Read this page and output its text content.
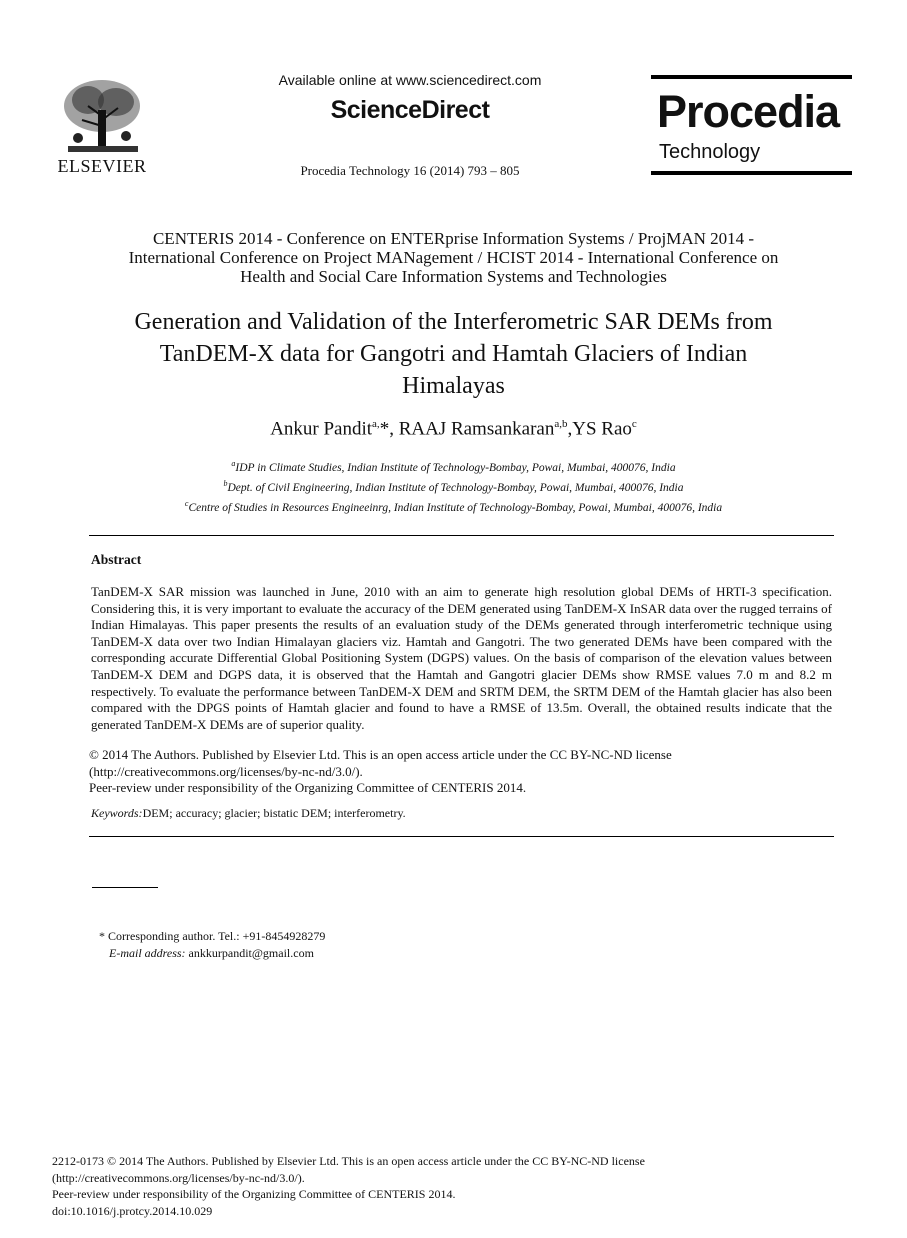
ELSEVIER
Available online at www.sciencedirect.com
ScienceDirect
Procedia Technology 16 (2014) 793 – 805
Procedia
Technology
CENTERIS 2014 - Conference on ENTERprise Information Systems / ProjMAN 2014 -
International Conference on Project MANagement / HCIST 2014 - International Conference on
Health and Social Care Information Systems and Technologies
Generation and Validation of the Interferometric SAR DEMs from
TanDEM-X data for Gangotri and Hamtah Glaciers of Indian
Himalayas
Ankur Pandit$^{a,}$*, RAAJ Ramsankaran$^{a,b}$,YS Rao$^c$
$^a$IDP in Climate Studies, Indian Institute of Technology-Bombay, Powai, Mumbai, 400076, India
$^b$Dept. of Civil Engineering, Indian Institute of Technology-Bombay, Powai, Mumbai, 400076, India
$^c$Centre of Studies in Resources Engineeinrg, Indian Institute of Technology-Bombay, Powai, Mumbai, 400076, India
Abstract
TanDEM-X SAR mission was launched in June, 2010 with an aim to generate high resolution global DEMs of HRTI-3 specification. Considering this, it is very important to evaluate the accuracy of the DEM generated using TanDEM-X InSAR data over the rugged terrains of Indian Himalayas. This paper presents the results of an evaluation study of the DEMs generated through interferometric technique using TanDEM-X data over two Indian Himalayan glaciers viz. Hamtah and Gangotri. The two generated DEMs have been compared with the corresponding accurate Differential Global Positioning System (DGPS) values. On the basis of comparison of the elevation values between TanDEM-X DEM and DGPS data, it is observed that the Hamtah and Gangotri glacier DEMs show RMSE values 7.0 m and 8.2 m respectively. To evaluate the performance between TanDEM-X DEM and SRTM DEM, the SRTM DEM of the Hamtah glacier has also been compared with the DPGS points of Hamtah glacier and found to have a RMSE of 13.5m. Overall, the obtained results indicate that the generated TanDEM-X DEMs are of superior quality.
© 2014 The Authors. Published by Elsevier Ltd. This is an open access article under the CC BY-NC-ND license
(http://creativecommons.org/licenses/by-nc-nd/3.0/).
Peer-review under responsibility of the Organizing Committee of CENTERIS 2014.
Keywords:DEM; accuracy; glacier; bistatic DEM; interferometry.
* Corresponding author. Tel.: +91-8454928279
E-mail address: ankkurpandit@gmail.com
2212-0173 © 2014 The Authors. Published by Elsevier Ltd. This is an open access article under the CC BY-NC-ND license
(http://creativecommons.org/licenses/by-nc-nd/3.0/).
Peer-review under responsibility of the Organizing Committee of CENTERIS 2014.
doi:10.1016/j.protcy.2014.10.029
